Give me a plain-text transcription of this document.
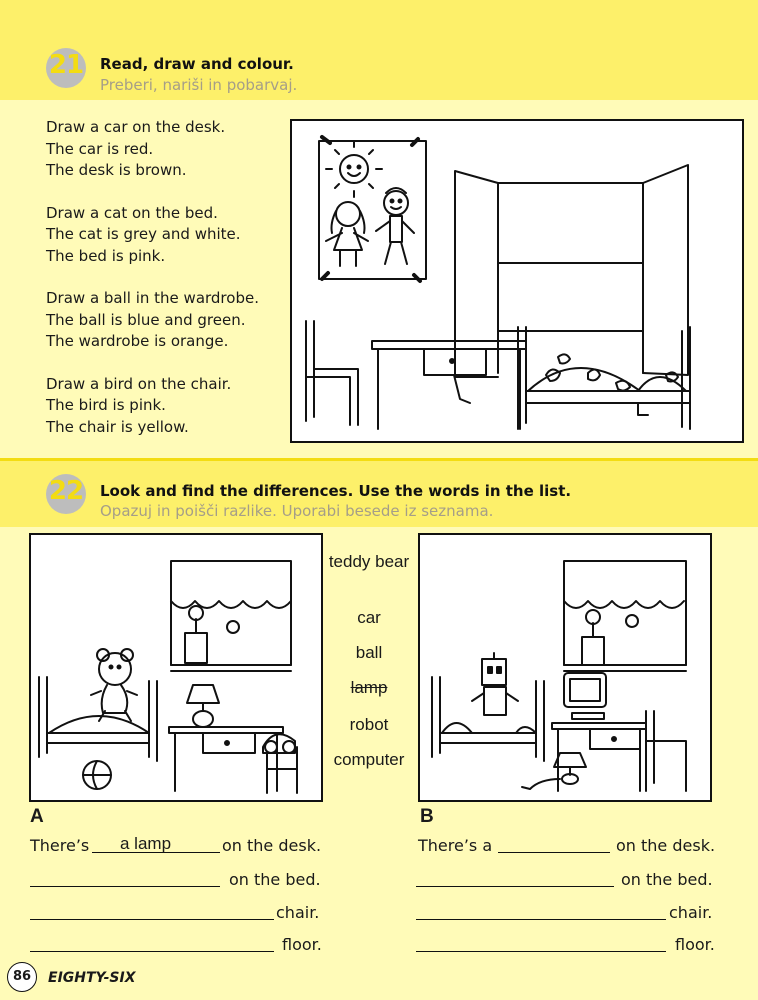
21 Read, draw and colour.
Preberi, nariši in pobarvaj.

Draw a car on the desk.
The car is red.
The desk is brown.

Draw a cat on the bed.
The cat is grey and white.
The bed is pink.

Draw a ball in the wardrobe.
The ball is blue and green.
The wardrobe is orange.

Draw a bird on the chair.
The bird is pink.
The chair is yellow.

22 Look and find the differences. Use the words in the list.
Opazuj in poišči razlike. Uporabi besede iz seznama.
teddy bear
car
ball
lamp
robot
computer
A
There’s a lamp	on the desk.
on the bed.
chair.
floor.
B
There’s a	on the desk.
on the bed.
chair.
floor.
86	EIGHTY-SIX
